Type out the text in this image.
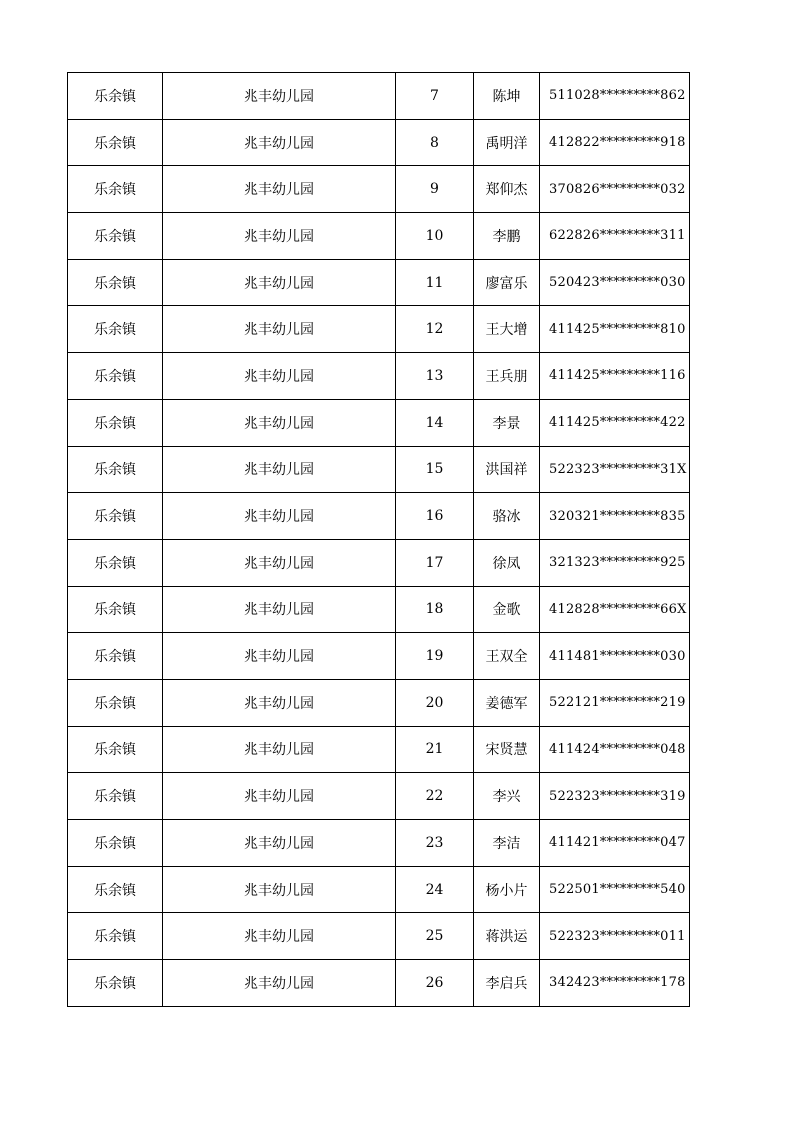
乐余镇	兆丰幼儿园	7	陈坤	511028*********862
乐余镇	兆丰幼儿园	8	禹明洋	412822*********918
乐余镇	兆丰幼儿园	9	郑仰杰	370826*********032
乐余镇	兆丰幼儿园	10	李鹏	622826*********311
乐余镇	兆丰幼儿园	11	廖富乐	520423*********030
乐余镇	兆丰幼儿园	12	王大增	411425*********810
乐余镇	兆丰幼儿园	13	王兵朋	411425*********116
乐余镇	兆丰幼儿园	14	李景	411425*********422
乐余镇	兆丰幼儿园	15	洪国祥	522323*********31X
乐余镇	兆丰幼儿园	16	骆冰	320321*********835
乐余镇	兆丰幼儿园	17	徐凤	321323*********925
乐余镇	兆丰幼儿园	18	金歌	412828*********66X
乐余镇	兆丰幼儿园	19	王双全	411481*********030
乐余镇	兆丰幼儿园	20	姜德军	522121*********219
乐余镇	兆丰幼儿园	21	宋贤慧	411424*********048
乐余镇	兆丰幼儿园	22	李兴	522323*********319
乐余镇	兆丰幼儿园	23	李洁	411421*********047
乐余镇	兆丰幼儿园	24	杨小片	522501*********540
乐余镇	兆丰幼儿园	25	蒋洪运	522323*********011
乐余镇	兆丰幼儿园	26	李启兵	342423*********178
